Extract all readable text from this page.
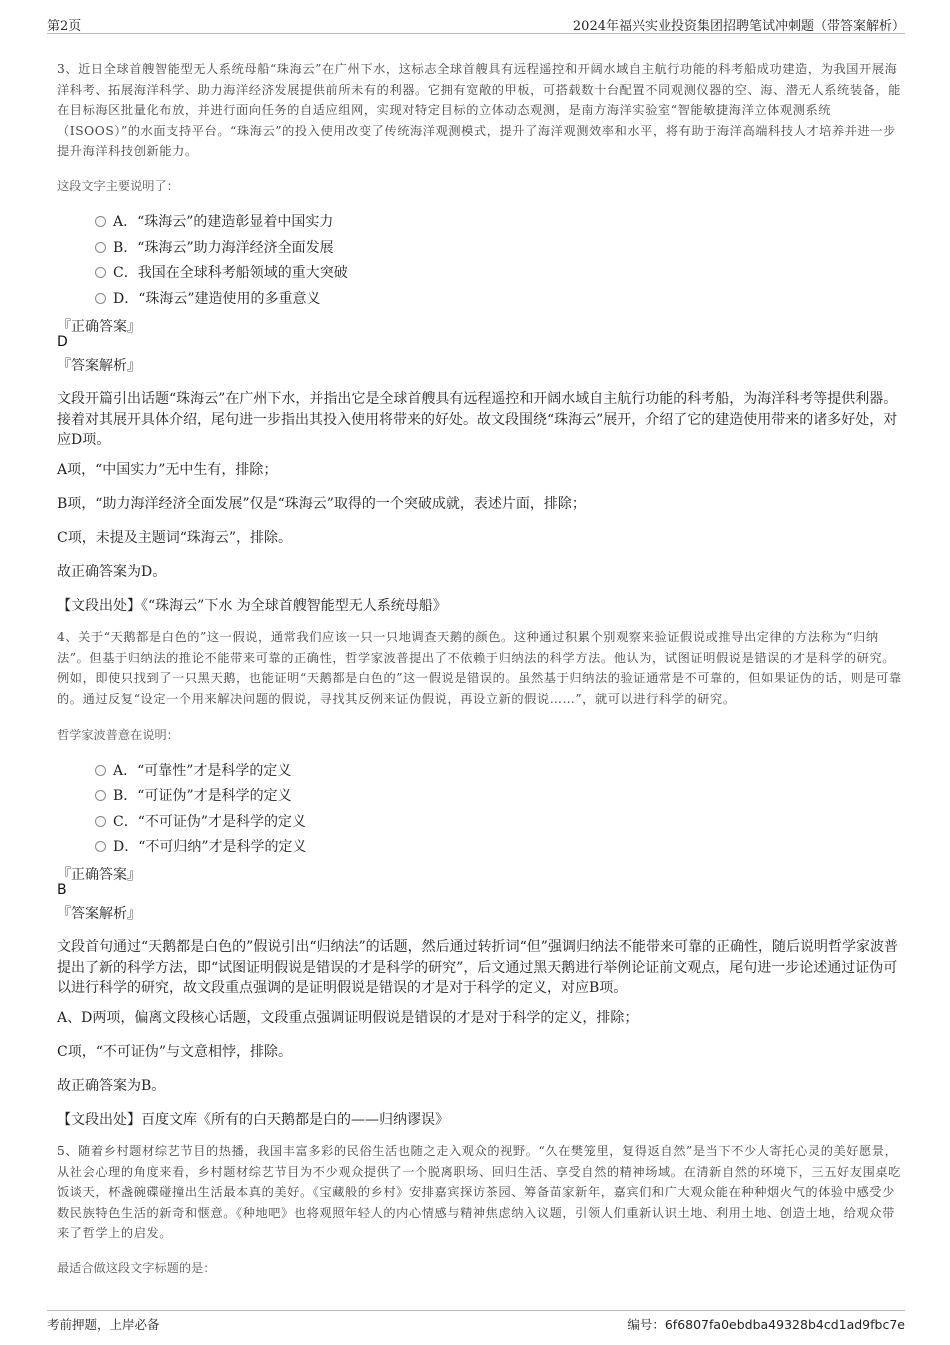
第2页	2024年福兴实业投资集团招聘笔试冲刺题（带答案解析）
3、近日全球首艘智能型无人系统母船“珠海云”在广州下水，这标志全球首艘具有远程遥控和开阔水域自主航行功能的科考船成功建造，为我国开展海洋科考、拓展海洋科学、助力海洋经济发展提供前所未有的利器。它拥有宽敞的甲板，可搭载数十台配置不同观测仪器的空、海、潜无人系统装备，能在目标海区批量化布放，并进行面向任务的自适应组网，实现对特定目标的立体动态观测，是南方海洋实验室“智能敏捷海洋立体观测系统（ISOOS）”的水面支持平台。“珠海云”的投入使用改变了传统海洋观测模式，提升了海洋观测效率和水平，将有助于海洋高端科技人才培养并进一步提升海洋科技创新能力。
这段文字主要说明了：
A．“珠海云”的建造彰显着中国实力
B．“珠海云”助力海洋经济全面发展
C．我国在全球科考船领域的重大突破
D．“珠海云”建造使用的多重意义
『正确答案』
D
『答案解析』
文段开篇引出话题“珠海云”在广州下水，并指出它是全球首艘具有远程遥控和开阔水域自主航行功能的科考船，为海洋科考等提供利器。接着对其展开具体介绍，尾句进一步指出其投入使用将带来的好处。故文段围绕“珠海云”展开，介绍了它的建造使用带来的诸多好处，对应D项。
A项，“中国实力”无中生有，排除；
B项，“助力海洋经济全面发展”仅是“珠海云”取得的一个突破成就，表述片面，排除；
C项，未提及主题词“珠海云”，排除。
故正确答案为D。
【文段出处】《“珠海云”下水 为全球首艘智能型无人系统母船》
4、关于“天鹅都是白色的”这一假说，通常我们应该一只一只地调查天鹅的颜色。这种通过积累个别观察来验证假说或推导出定律的方法称为“归纳法”。但基于归纳法的推论不能带来可靠的正确性，哲学家波普提出了不依赖于归纳法的科学方法。他认为，试图证明假说是错误的才是科学的研究。例如，即使只找到了一只黑天鹅，也能证明“天鹅都是白色的”这一假说是错误的。虽然基于归纳法的验证通常是不可靠的，但如果证伪的话，则是可靠的。通过反复“设定一个用来解决问题的假说，寻找其反例来证伪假说，再设立新的假说……”，就可以进行科学的研究。
哲学家波普意在说明：
A．“可靠性”才是科学的定义
B．“可证伪”才是科学的定义
C．“不可证伪”才是科学的定义
D．“不可归纳”才是科学的定义
『正确答案』
B
『答案解析』
文段首句通过“天鹅都是白色的”假说引出“归纳法”的话题，然后通过转折词“但”强调归纳法不能带来可靠的正确性，随后说明哲学家波普提出了新的科学方法，即“试图证明假说是错误的才是科学的研究”，后文通过黑天鹅进行举例论证前文观点，尾句进一步论述通过证伪可以进行科学的研究，故文段重点强调的是证明假说是错误的才是对于科学的定义，对应B项。
A、D两项，偏离文段核心话题，文段重点强调证明假说是错误的才是对于科学的定义，排除；
C项，“不可证伪”与文意相悖，排除。
故正确答案为B。
【文段出处】百度文库《所有的白天鹅都是白的——归纳谬误》
5、随着乡村题材综艺节目的热播，我国丰富多彩的民俗生活也随之走入观众的视野。“久在樊笼里，复得返自然”是当下不少人寄托心灵的美好愿景，从社会心理的角度来看，乡村题材综艺节目为不少观众提供了一个脱离职场、回归生活、享受自然的精神场域。在清新自然的环境下，三五好友围桌吃饭谈天，杯盏碗碟碰撞出生活最本真的美好。《宝藏般的乡村》安排嘉宾探访茶园、筹备苗家新年，嘉宾们和广大观众能在种种烟火气的体验中感受少数民族特色生活的新奇和惬意。《种地吧》也将观照年轻人的内心情感与精神焦虑纳入议题，引领人们重新认识土地、利用土地、创造土地，给观众带来了哲学上的启发。
最适合做这段文字标题的是：
考前押题，上岸必备	编号：6f6807fa0ebdba49328b4cd1ad9fbc7e
